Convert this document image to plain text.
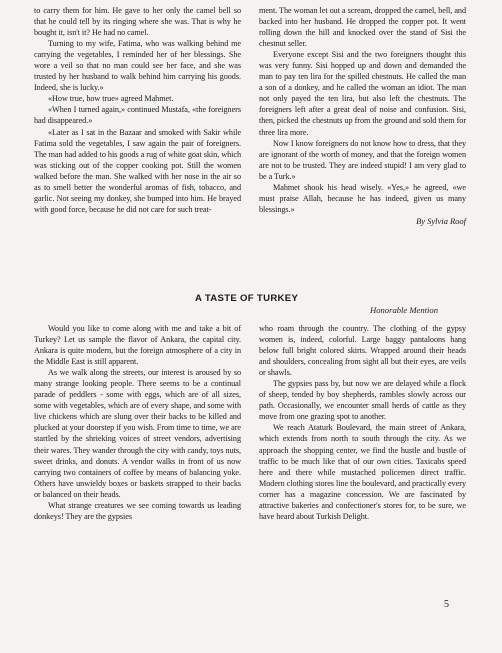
to carry them for him. He gave to her only the camel bell so that he could tell by its ringing where she was. That is why he bought it, isn't it? He had no camel.

Turning to my wife, Fatima, who was walking behind me carrying the vegetables, I reminded her of her blessings. She wore a veil so that no man could see her face, and she was trusted by her husband to walk behind him carrying his goods. Indeed, she is lucky.»

«How true, how true» agreed Mahmet.

«When I turned again,» continued Mustafa, «the foreigners had disappeared.»

«Later as I sat in the Bazaar and smoked with Sakir while Fatima sold the vegetables, I saw again the pair of foreigners. The man had added to his goods a rug of white goat skin, which was sticking out of the copper cooking pot. Still the women walked before the man. She walked with her nose in the air so as to smell better the wonderful aromas of fish, tobacco, and garlic. Not seeing my donkey, she bumped into him. He brayed with good force, because he did not care for such treat-

ment. The woman let out a scream, dropped the camel, bell, and backed into her husband. He dropped the copper pot. It went rolling down the hill and knocked over the stand of Sisi the chestnut seller.

Everyone except Sisi and the two foreigners thought this was very funny. Sisi hopped up and down and demanded the man to pay ten lira for the spilled chestnuts. He called the man a son of a donkey, and he called the woman an idiot. The man not only payed the ten lira, but also left the chestnuts. The foreigners left after a great deal of noise and confusion. Sisi, then, picked the chestnuts up from the ground and sold them for three lira more.

Now I know foreigners do not know how to dress, that they are ignorant of the worth of money, and that the foreign women are not to be trusted. They are indeed stupid! I am very glad to be a Turk.»

Mahmet shook his head wisely. «Yes,» he agreed, «we must praise Allah, because he has indeed, given us many blessings.»

By Sylvia Roof
A TASTE OF TURKEY

Honorable Mention

Would you like to come along with me and take a bit of Turkey? Let us sample the flavor of Ankara, the capital city. Ankara is quite modern, but the foreign atmosphere of a city in the Middle East is still apparent.

As we walk along the streets, our interest is aroused by so many strange looking people. There seems to be a continual parade of peddlers - some with eggs, which are of all sizes, some with vegetables, which are of every shape, and some with live chickens which are slung over their backs to be killed and plucked at your doorstep if you wish. From time to time, we are startled by the shrieking voices of street vendors, advertising their wares. They wander through the city with candy, toys nuts, sweet drinks, and donuts. A vendor walks in front of us now carrying two containers of coffee by means of balancing yoke. Others have unwieldy boxes or baskets strapped to their backs or balanced on their heads.

What strange creatures we see coming towards us leading donkeys! They are the gypsies

who roam through the country. The clothing of the gypsy women is, indeed, colorful. Large baggy pantaloons hang below full bright colored skirts. Wrapped around their heads and shoulders, concealing from sight all but their eyes, are veils or shawls.

The gypsies pass by, but now we are delayed while a flock of sheep, tended by boy shepherds, rambles slowly across our path. Occasionally, we encounter small herds of cattle as they move from one grazing spot to another.

We reach Ataturk Boulevard, the main street of Ankara, which extends from north to south through the city. As we approach the shopping center, we find the hustle and bustle of traffic to be much like that of our own cities. Taxicabs speed here and there while mustached policemen direct traffic. Modern clothing stores line the boulevard, and practically every corner has a magazine concession. We are fascinated by attractive bakeries and confectioner's stores for, to be sure, we have heard about Turkish Delight.

5
